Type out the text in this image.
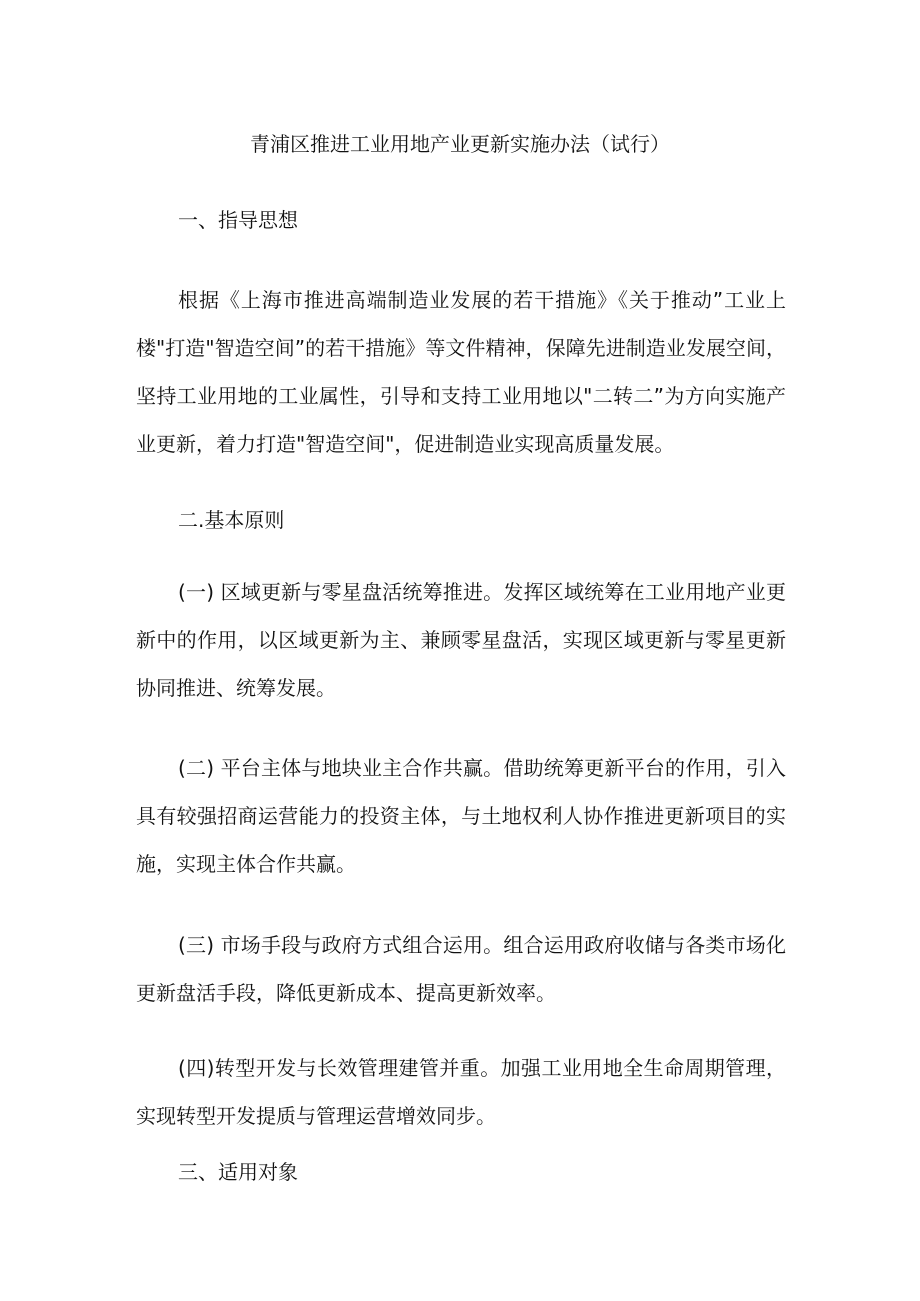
青浦区推进工业用地产业更新实施办法（试行）
一、指导思想

根据《上海市推进高端制造业发展的若干措施》《关于推动”工业上楼"打造"智造空间”的若干措施》等文件精神，保障先进制造业发展空间，坚持工业用地的工业属性，引导和支持工业用地以"二转二”为方向实施产业更新，着力打造"智造空间"，促进制造业实现高质量发展。

二.基本原则

(一) 区域更新与零星盘活统筹推进。发挥区域统筹在工业用地产业更新中的作用，以区域更新为主、兼顾零星盘活，实现区域更新与零星更新协同推进、统筹发展。

(二) 平台主体与地块业主合作共赢。借助统筹更新平台的作用，引入具有较强招商运营能力的投资主体，与土地权利人协作推进更新项目的实施，实现主体合作共赢。

(三) 市场手段与政府方式组合运用。组合运用政府收储与各类市场化更新盘活手段，降低更新成本、提高更新效率。

(四)转型开发与长效管理建管并重。加强工业用地全生命周期管理，实现转型开发提质与管理运营增效同步。

三、适用对象
